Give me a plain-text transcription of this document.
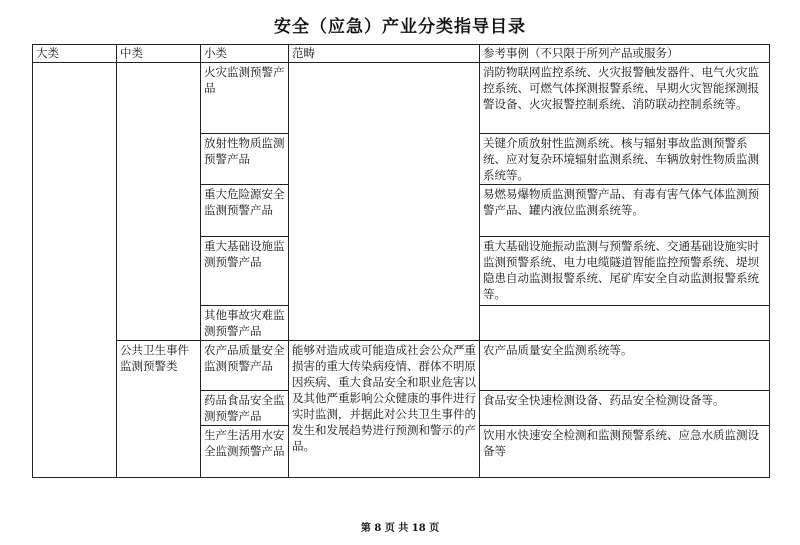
安全（应急）产业分类指导目录
大类	中类	小类	范畴	参考事例（不只限于所列产品或服务）
		火灾监测预警产品		消防物联网监控系统、火灾报警触发器件、电气火灾监控系统、可燃气体探测报警系统、早期火灾智能探测报警设备、火灾报警控制系统、消防联动控制系统等。
		放射性物质监测预警产品		关键介质放射性监测系统、核与辐射事故监测预警系统、应对复杂环境辐射监测系统、车辆放射性物质监测系统等。
		重大危险源安全监测预警产品		易燃易爆物质监测预警产品、有毒有害气体气体监测预警产品、罐内液位监测系统等。
		重大基础设施监测预警产品		重大基础设施振动监测与预警系统、交通基础设施实时监测预警系统、电力电缆隧道智能监控预警系统、堤坝隐患自动监测报警系统、尾矿库安全自动监测报警系统等。
		其他事故灾难监测预警产品		
	公共卫生事件监测预警类	农产品质量安全监测预警产品	能够对造成或可能造成社会公众严重损害的重大传染病疫情、群体不明原因疾病、重大食品安全和职业危害以及其他严重影响公众健康的事件进行实时监测，并据此对公共卫生事件的发生和发展趋势进行预测和警示的产品。	农产品质量安全监测系统等。
		药品食品安全监测预警产品		食品安全快速检测设备、药品安全检测设备等。
		生产生活用水安全监测预警产品		饮用水快速安全检测和监测预警系统、应急水质监测设备等
第 8 页 共 18 页
